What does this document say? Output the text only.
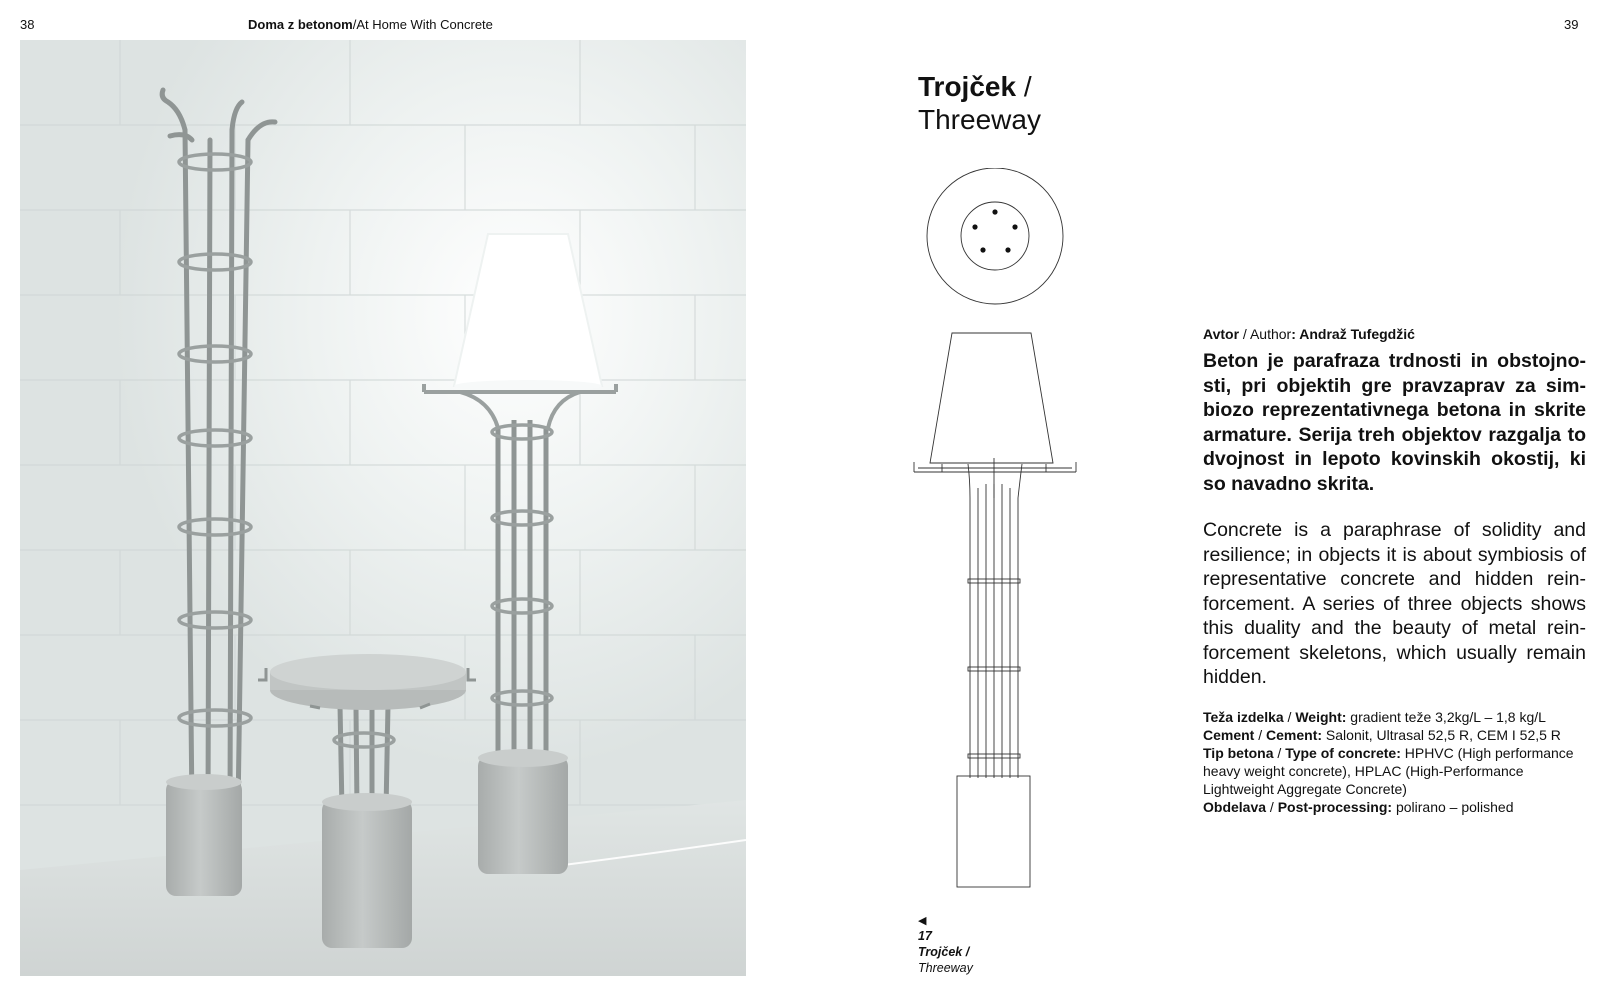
38	Doma z betonom/At Home With Concrete	39
Trojček /
Threeway
◀
17
Trojček /
Threeway
Avtor / Author: Andraž Tufegdžić

Beton je parafraza trdnosti in obstojnosti, pri objektih gre pravzaprav za simbiozo reprezentativnega betona in skrite armature. Serija treh objektov razgalja to dvojnost in lepoto kovinskih okostij, ki so navadno skrita.

Concrete is a paraphrase of solidity and resilience; in objects it is about symbiosis of representative concrete and hidden reinforcement. A series of three objects shows this duality and the beauty of metal reinforcement skeletons, which usually remain hidden.

Teža izdelka / Weight: gradient teže 3,2kg/L – 1,8 kg/L
Cement / Cement: Salonit, Ultrasal 52,5 R, CEM I 52,5 R
Tip betona / Type of concrete: HPHVC (High performance heavy weight concrete), HPLAC (High-Performance Lightweight Aggregate Concrete)
Obdelava / Post-processing: polirano – polished
